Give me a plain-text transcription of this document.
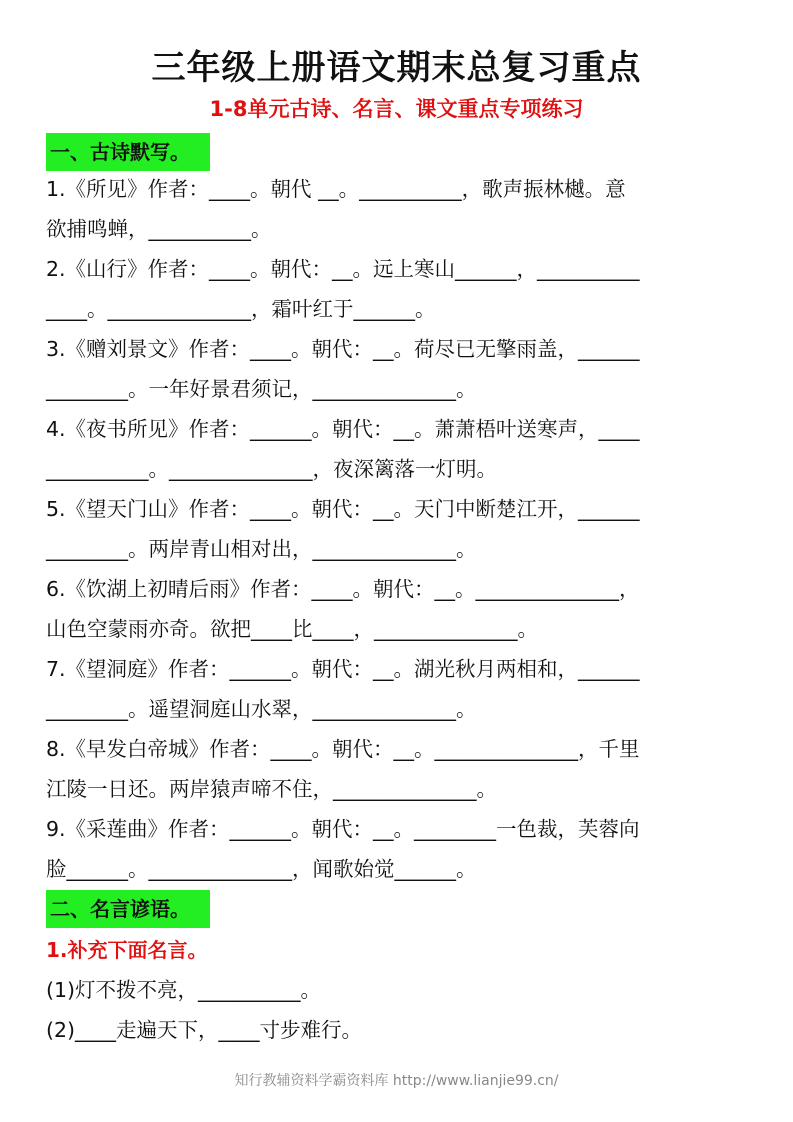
三年级上册语文期末总复习重点
1-8单元古诗、名言、课文重点专项练习
一、古诗默写。

1.《所见》作者：____。朝代 __。__________，歌声振林樾。意

欲捕鸣蝉，__________。

2.《山行》作者：____。朝代：__。远上寒山______，__________

____。______________，霜叶红于______。

3.《赠刘景文》作者：____。朝代：__。荷尽已无擎雨盖，______

________。一年好景君须记，______________。

4.《夜书所见》作者：______。朝代：__。萧萧梧叶送寒声，____

__________。______________，夜深篱落一灯明。

5.《望天门山》作者：____。朝代：__。天门中断楚江开，______

________。两岸青山相对出，______________。

6.《饮湖上初晴后雨》作者：____。朝代：__。______________，

山色空蒙雨亦奇。欲把____比____，______________。

7.《望洞庭》作者：______。朝代：__。湖光秋月两相和，______

________。遥望洞庭山水翠，______________。

8.《早发白帝城》作者：____。朝代：__。______________，千里

江陵一日还。两岸猿声啼不住，______________。

9.《采莲曲》作者：______。朝代：__。________一色裁，芙蓉向

脸______。______________，闻歌始觉______。

二、名言谚语。
1.补充下面名言。

(1)灯不拨不亮，__________。

(2)____走遍天下，____寸步难行。

知行教辅资料学霸资料库 http://www.lianjie99.cn/
